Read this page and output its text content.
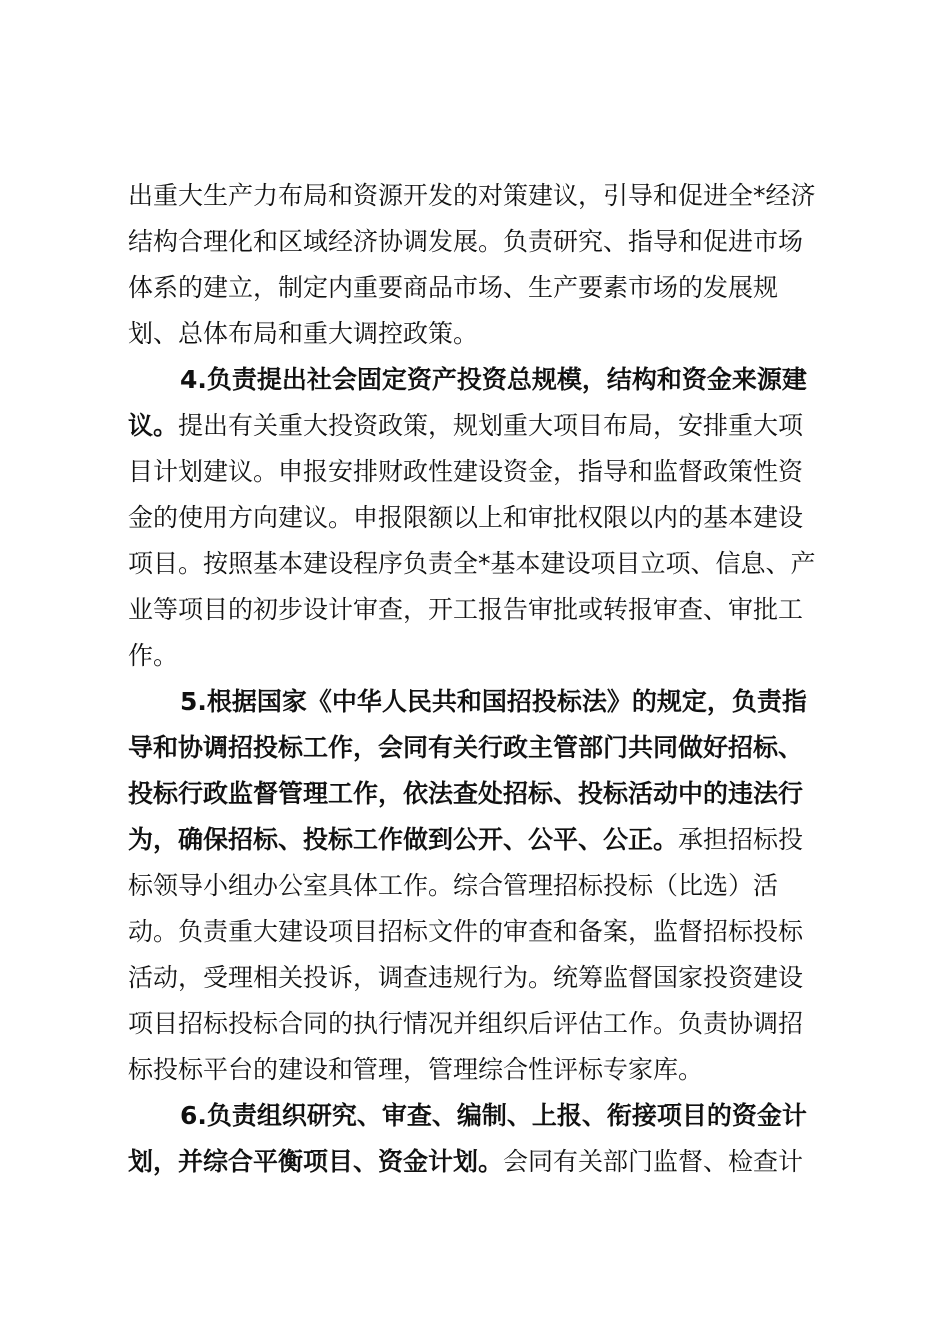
出重大生产力布局和资源开发的对策建议，引导和促进全*经济
结构合理化和区域经济协调发展。负责研究、指导和促进市场
体系的建立，制定内重要商品市场、生产要素市场的发展规
划、总体布局和重大调控政策。
4.负责提出社会固定资产投资总规模，结构和资金来源建
议。提出有关重大投资政策，规划重大项目布局，安排重大项
目计划建议。申报安排财政性建设资金，指导和监督政策性资
金的使用方向建议。申报限额以上和审批权限以内的基本建设
项目。按照基本建设程序负责全*基本建设项目立项、信息、产
业等项目的初步设计审查，开工报告审批或转报审查、审批工
作。
5.根据国家《中华人民共和国招投标法》的规定，负责指
导和协调招投标工作，会同有关行政主管部门共同做好招标、
投标行政监督管理工作，依法查处招标、投标活动中的违法行
为，确保招标、投标工作做到公开、公平、公正。承担招标投
标领导小组办公室具体工作。综合管理招标投标（比选）活
动。负责重大建设项目招标文件的审查和备案，监督招标投标
活动，受理相关投诉，调查违规行为。统筹监督国家投资建设
项目招标投标合同的执行情况并组织后评估工作。负责协调招
标投标平台的建设和管理，管理综合性评标专家库。
6.负责组织研究、审查、编制、上报、衔接项目的资金计
划，并综合平衡项目、资金计划。会同有关部门监督、检查计
